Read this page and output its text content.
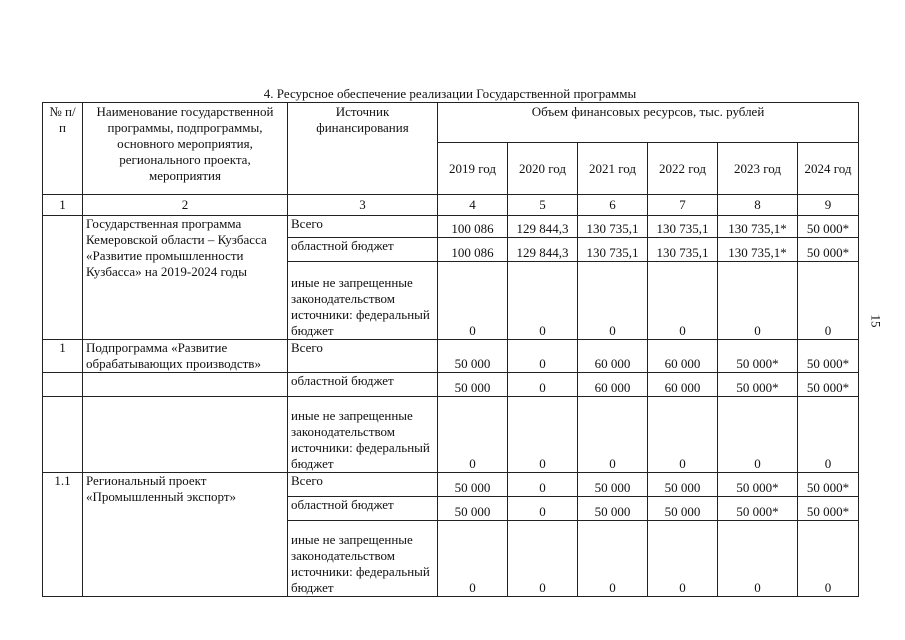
4. Ресурсное обеспечение реализации Государственной программы
№ п/п	Наименование государственной программы, подпрограммы, основного мероприятия, регионального проекта, мероприятия	Источник финансирования	Объем финансовых ресурсов, тыс. рублей					
			2019 год	2020 год	2021 год	2022 год	2023 год	2024 год
1	2	3	4	5	6	7	8	9
	Государственная программа Кемеровской области – Кузбасса «Развитие промышленности Кузбасса» на 2019-2024 годы	Всего	100 086	129 844,3	130 735,1	130 735,1	130 735,1*	50 000*
		областной бюджет	100 086	129 844,3	130 735,1	130 735,1	130 735,1*	50 000*
		иные не запрещенные законодательством источники: федеральный бюджет	0	0	0	0	0	0
1	Подпрограмма «Развитие обрабатывающих производств»	Всего	50 000	0	60 000	60 000	50 000*	50 000*
		областной бюджет	50 000	0	60 000	60 000	50 000*	50 000*
		иные не запрещенные законодательством источники: федеральный бюджет	0	0	0	0	0	0
1.1	Региональный проект «Промышленный экспорт»	Всего	50 000	0	50 000	50 000	50 000*	50 000*
		областной бюджет	50 000	0	50 000	50 000	50 000*	50 000*
		иные не запрещенные законодательством источники: федеральный бюджет	0	0	0	0	0	0
15
